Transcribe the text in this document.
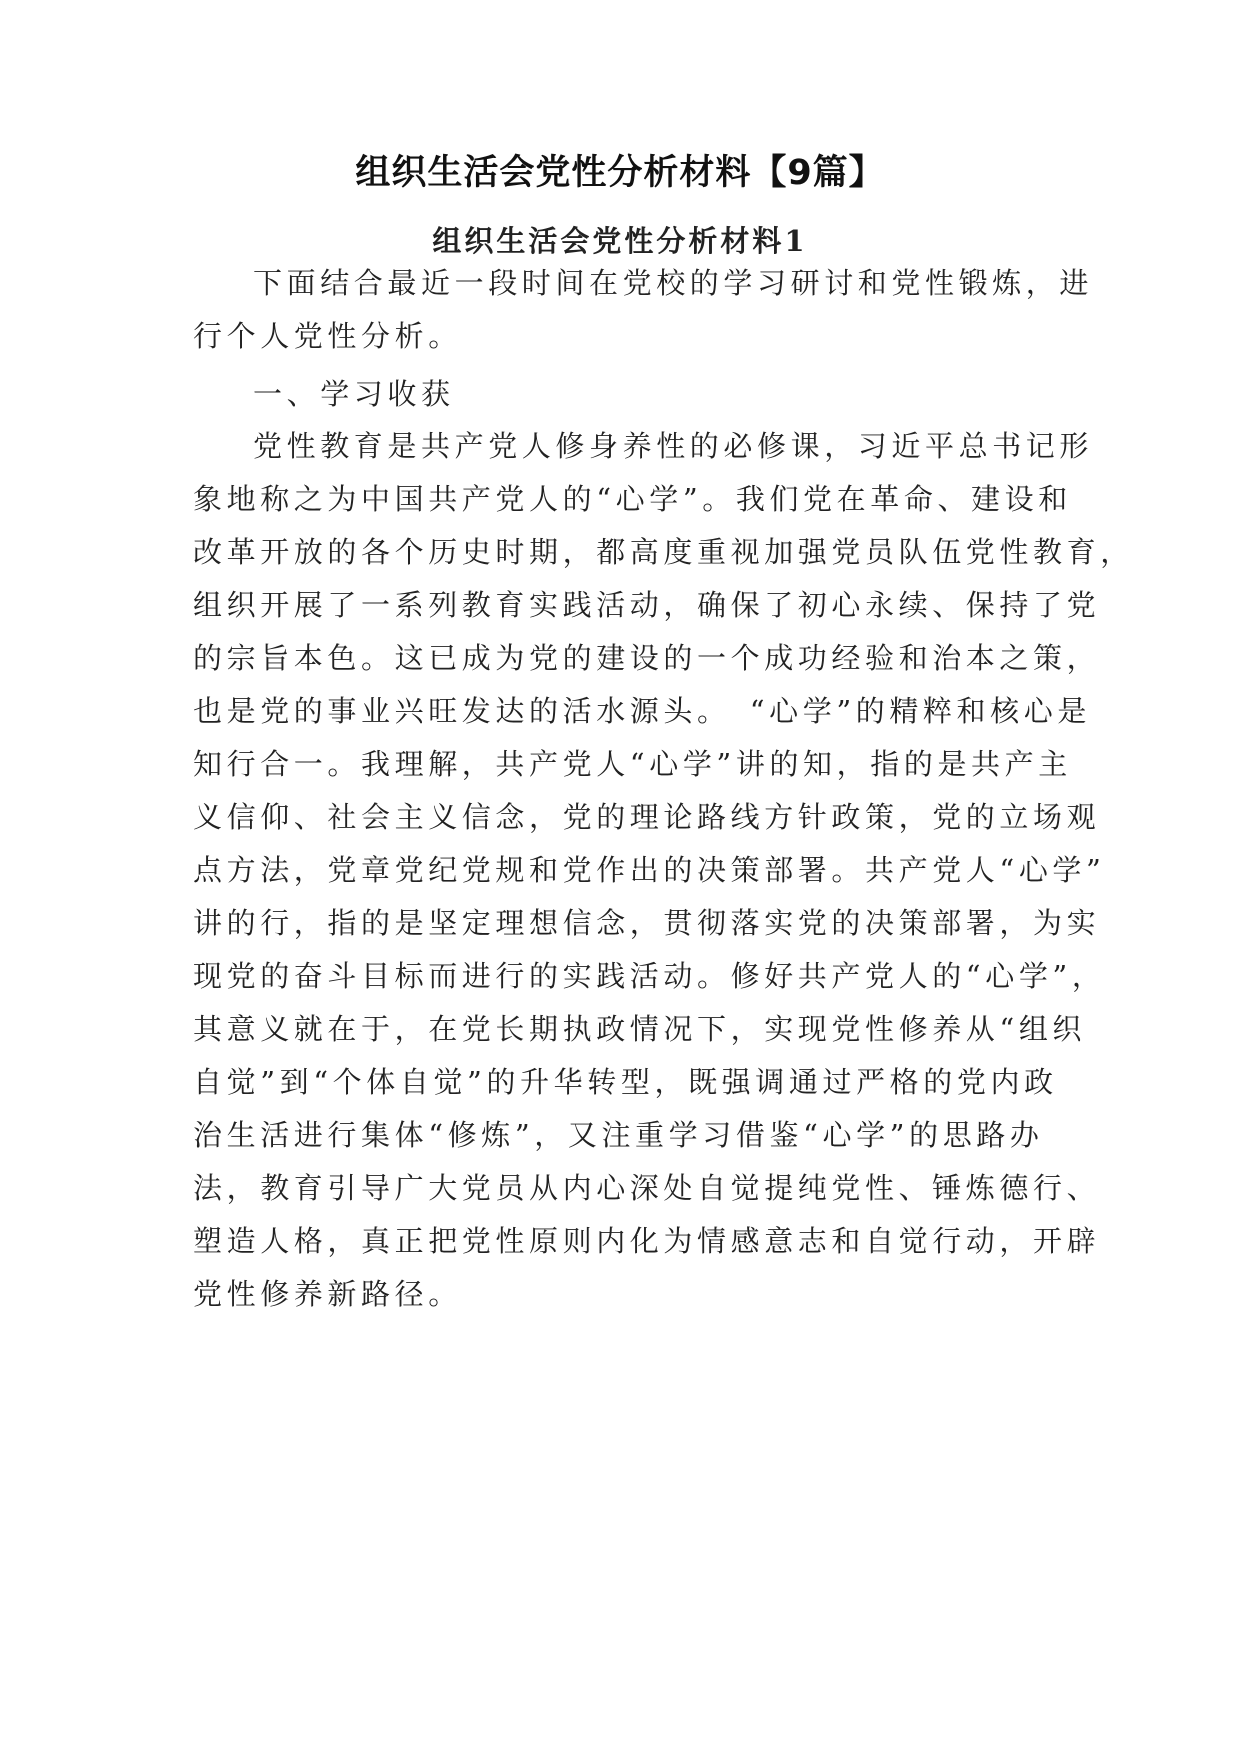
组织生活会党性分析材料【9篇】
组织生活会党性分析材料1

下面结合最近一段时间在党校的学习研讨和党性锻炼，进
行个人党性分析。

一、学习收获

党性教育是共产党人修身养性的必修课，习近平总书记形
象地称之为中国共产党人的“心学”。我们党在革命、建设和
改革开放的各个历史时期，都高度重视加强党员队伍党性教育，
组织开展了一系列教育实践活动，确保了初心永续、保持了党
的宗旨本色。这已成为党的建设的一个成功经验和治本之策，
也是党的事业兴旺发达的活水源头。　“心学”的精粹和核心是
知行合一。我理解，共产党人“心学”讲的知，指的是共产主
义信仰、社会主义信念，党的理论路线方针政策，党的立场观
点方法，党章党纪党规和党作出的决策部署。共产党人“心学”
讲的行，指的是坚定理想信念，贯彻落实党的决策部署，为实
现党的奋斗目标而进行的实践活动。修好共产党人的“心学”，
其意义就在于，在党长期执政情况下，实现党性修养从“组织
自觉”到“个体自觉”的升华转型，既强调通过严格的党内政
治生活进行集体“修炼”，又注重学习借鉴“心学”的思路办
法，教育引导广大党员从内心深处自觉提纯党性、锤炼德行、
塑造人格，真正把党性原则内化为情感意志和自觉行动，开辟
党性修养新路径。
